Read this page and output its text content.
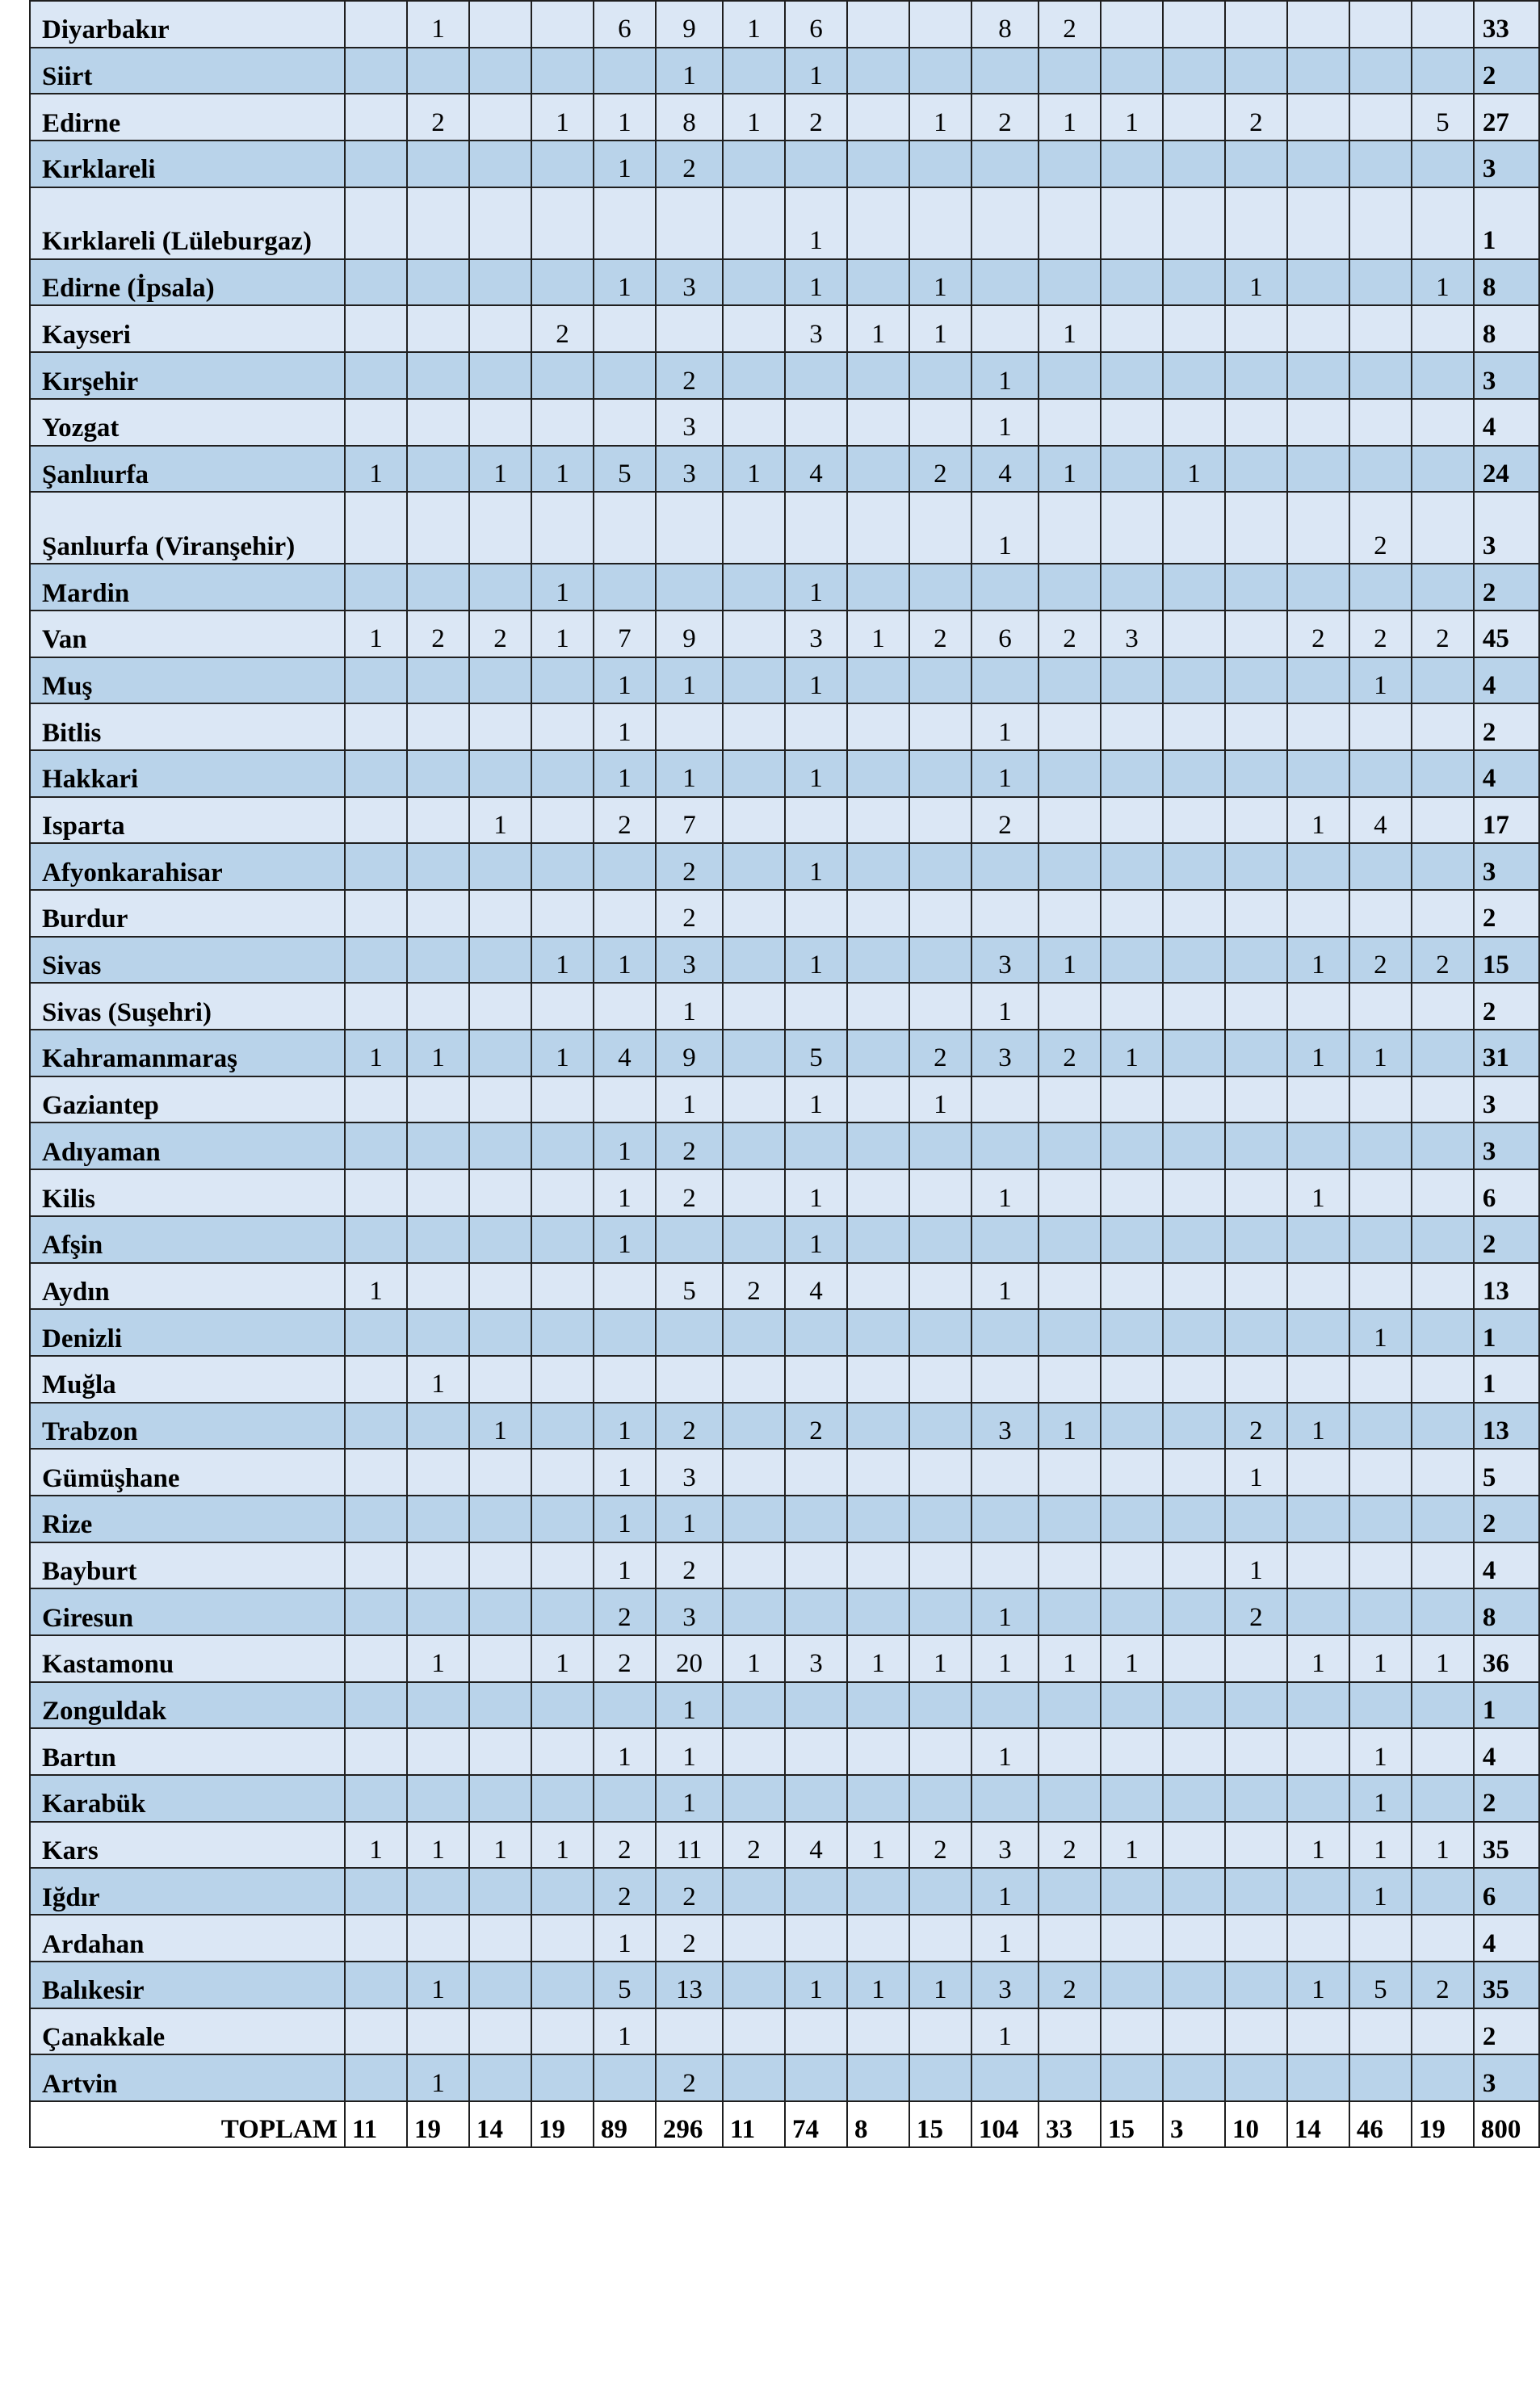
Diyarbakır		1			6	9	1	6			8	2							33
Siirt						1		1											2
Edirne		2		1	1	8	1	2		1	2	1	1		2			5	27
Kırklareli					1	2													3
Kırklareli (Lüleburgaz)								1											1
Edirne (İpsala)					1	3		1		1					1			1	8
Kayseri				2				3	1	1		1							8
Kırşehir						2					1								3
Yozgat						3					1								4
Şanlıurfa	1		1	1	5	3	1	4		2	4	1		1					24
Şanlıurfa (Viranşehir)											1						2		3
Mardin				1				1											2
Van	1	2	2	1	7	9		3	1	2	6	2	3			2	2	2	45
Muş					1	1		1									1		4
Bitlis					1						1								2
Hakkari					1	1		1			1								4
Isparta			1		2	7					2					1	4		17
Afyonkarahisar						2		1											3
Burdur						2													2
Sivas				1	1	3		1			3	1				1	2	2	15
Sivas (Suşehri)						1					1								2
Kahramanmaraş	1	1		1	4	9		5		2	3	2	1			1	1		31
Gaziantep						1		1		1									3
Adıyaman					1	2													3
Kilis					1	2		1			1					1			6
Afşin					1			1											2
Aydın	1					5	2	4			1								13
Denizli																	1		1
Muğla		1																	1
Trabzon			1		1	2		2			3	1			2	1			13
Gümüşhane					1	3									1				5
Rize					1	1													2
Bayburt					1	2									1				4
Giresun					2	3					1				2				8
Kastamonu		1		1	2	20	1	3	1	1	1	1	1			1	1	1	36
Zonguldak						1													1
Bartın					1	1					1						1		4
Karabük						1											1		2
Kars	1	1	1	1	2	11	2	4	1	2	3	2	1			1	1	1	35
Iğdır					2	2					1						1		6
Ardahan					1	2					1								4
Balıkesir		1			5	13		1	1	1	3	2				1	5	2	35
Çanakkale					1						1								2
Artvin		1				2													3
TOPLAM	11	19	14	19	89	296	11	74	8	15	104	33	15	3	10	14	46	19	800
